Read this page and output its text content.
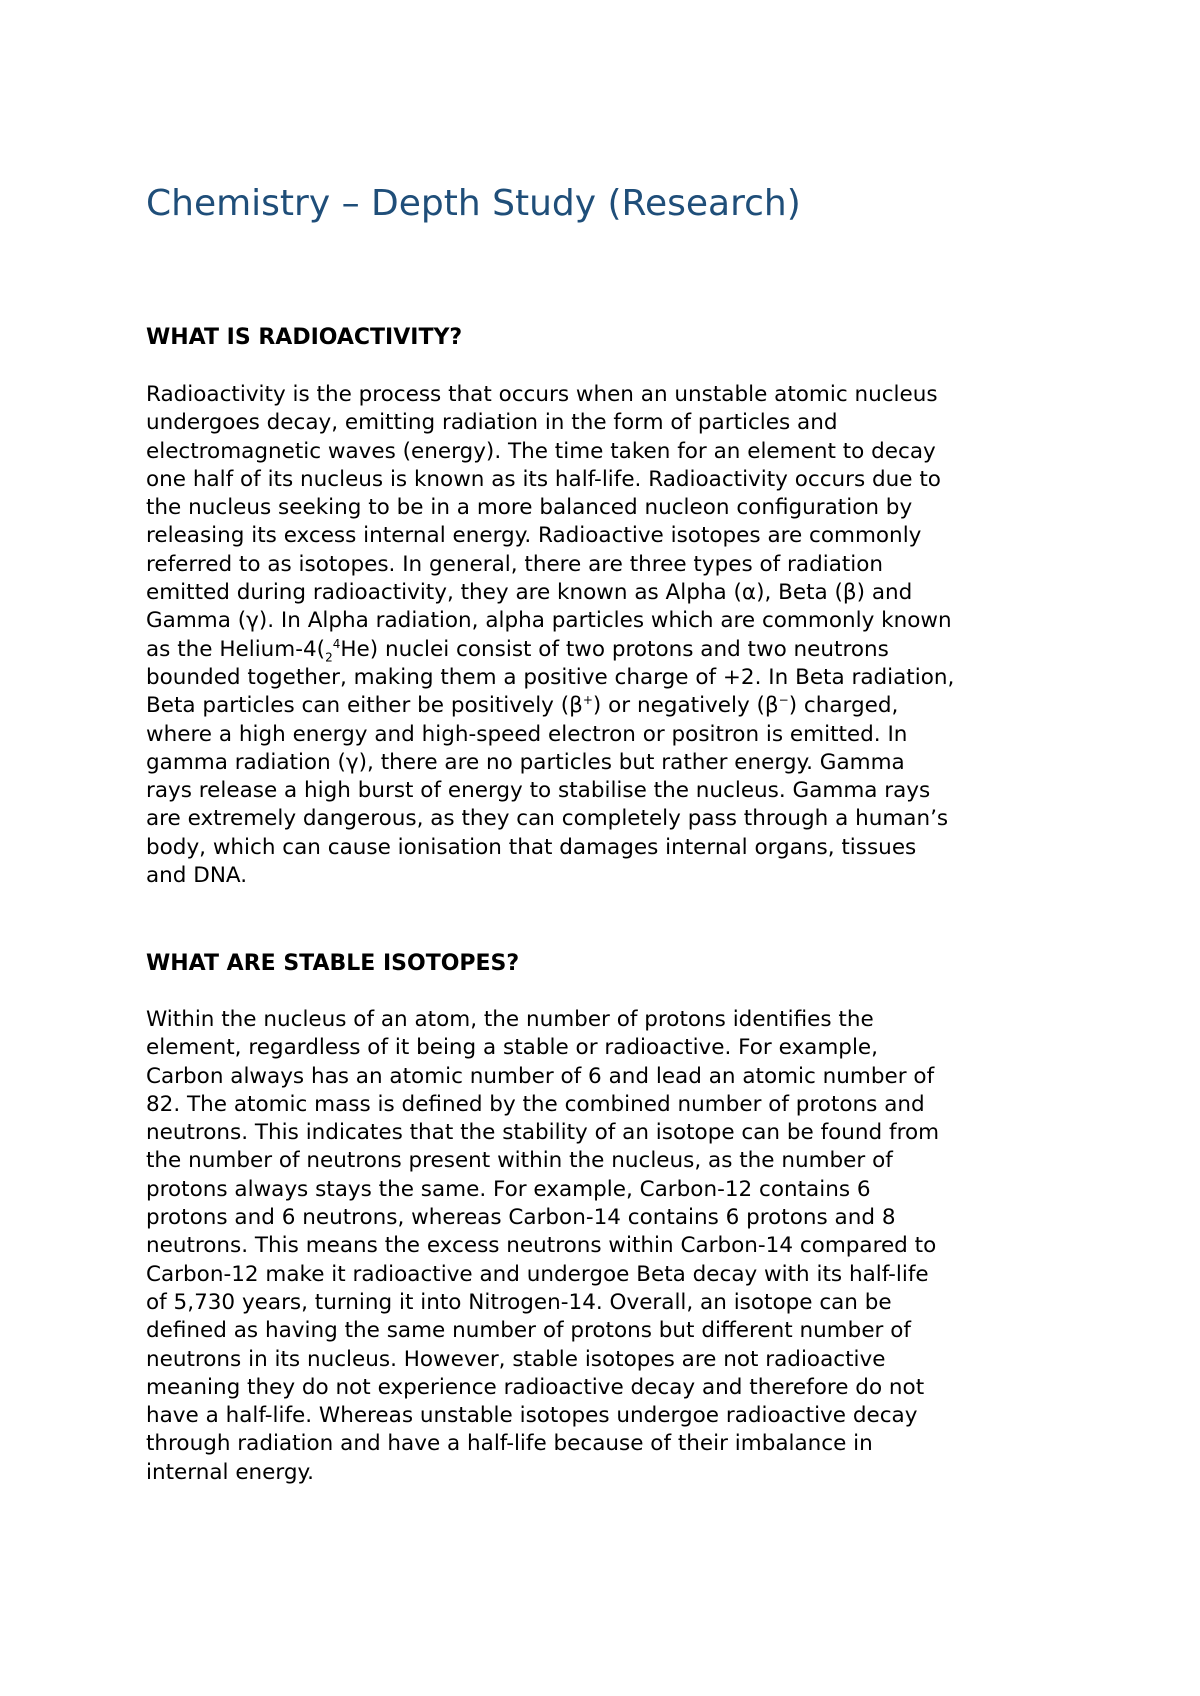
Chemistry – Depth Study (Research)
WHAT IS RADIOACTIVITY?
Radioactivity is the process that occurs when an unstable atomic nucleus
undergoes decay, emitting radiation in the form of particles and
electromagnetic waves (energy). The time taken for an element to decay
one half of its nucleus is known as its half-life. Radioactivity occurs due to
the nucleus seeking to be in a more balanced nucleon configuration by
releasing its excess internal energy. Radioactive isotopes are commonly
referred to as isotopes. In general, there are three types of radiation
emitted during radioactivity, they are known as Alpha (α), Beta (β) and
Gamma (γ). In Alpha radiation, alpha particles which are commonly known
as the Helium-$4(_2^4He)$ nuclei consist of two protons and two neutrons
bounded together, making them a positive charge of +2. In Beta radiation,
Beta particles can either be positively (β+) or negatively (β−) charged,
where a high energy and high-speed electron or positron is emitted. In
gamma radiation (γ), there are no particles but rather energy. Gamma
rays release a high burst of energy to stabilise the nucleus. Gamma rays
are extremely dangerous, as they can completely pass through a human’s
body, which can cause ionisation that damages internal organs, tissues
and DNA.
WHAT ARE STABLE ISOTOPES?
Within the nucleus of an atom, the number of protons identifies the
element, regardless of it being a stable or radioactive. For example,
Carbon always has an atomic number of 6 and lead an atomic number of
82. The atomic mass is defined by the combined number of protons and
neutrons. This indicates that the stability of an isotope can be found from
the number of neutrons present within the nucleus, as the number of
protons always stays the same. For example, Carbon-12 contains 6
protons and 6 neutrons, whereas Carbon-14 contains 6 protons and 8
neutrons. This means the excess neutrons within Carbon-14 compared to
Carbon-12 make it radioactive and undergoe Beta decay with its half-life
of 5,730 years, turning it into Nitrogen-14. Overall, an isotope can be
defined as having the same number of protons but different number of
neutrons in its nucleus. However, stable isotopes are not radioactive
meaning they do not experience radioactive decay and therefore do not
have a half-life. Whereas unstable isotopes undergoe radioactive decay
through radiation and have a half-life because of their imbalance in
internal energy.
